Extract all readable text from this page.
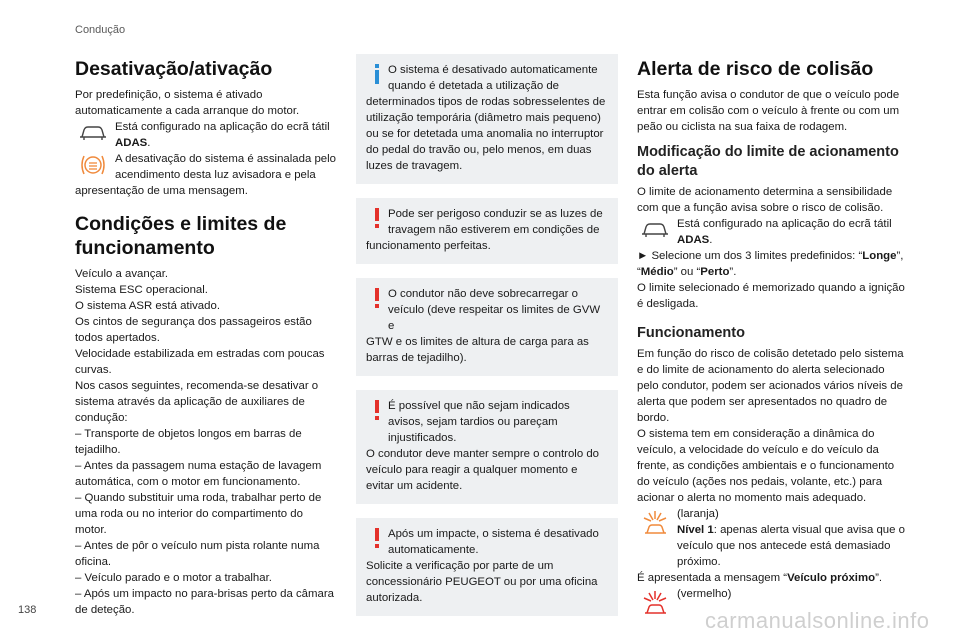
Condução
Desativação/ativação

Por predefinição, o sistema é ativado automaticamente a cada arranque do motor.

Está configurado na aplicação do ecrã tátil ADAS.

A desativação do sistema é assinalada pelo acendimento desta luz avisadora e pela

apresentação de uma mensagem.

Condições e limites de funcionamento

Veículo a avançar.

Sistema ESC operacional.

O sistema ASR está ativado.

Os cintos de segurança dos passageiros estão todos apertados.

Velocidade estabilizada em estradas com poucas curvas.

Nos casos seguintes, recomenda-se desativar o sistema através da aplicação de auxiliares de condução:

– Transporte de objetos longos em barras de tejadilho.

– Antes da passagem numa estação de lavagem automática, com o motor em funcionamento.

– Quando substituir uma roda, trabalhar perto de uma roda ou no interior do compartimento do motor.

– Antes de pôr o veículo num pista rolante numa oficina.

– Veículo parado e o motor a trabalhar.

– Após um impacto no para-brisas perto da câmara de deteção.

O sistema é desativado automaticamente quando é detetada a utilização de
determinados tipos de rodas sobresselentes de utilização temporária (diâmetro mais pequeno) ou se for detetada uma anomalia no interruptor do pedal do travão ou, pelo menos, em duas luzes de travagem.
Pode ser perigoso conduzir se as luzes de travagem não estiverem em condições de
funcionamento perfeitas.
O condutor não deve sobrecarregar o veículo (deve respeitar os limites de GVW e
GTW e os limites de altura de carga para as barras de tejadilho).
É possível que não sejam indicados avisos, sejam tardios ou pareçam injustificados.
O condutor deve manter sempre o controlo do veículo para reagir a qualquer momento e evitar um acidente.
Após um impacte, o sistema é desativado automaticamente.
Solicite a verificação por parte de um concessionário PEUGEOT ou por uma oficina autorizada.
Alerta de risco de colisão

Esta função avisa o condutor de que o veículo pode entrar em colisão com o veículo à frente ou com um peão ou ciclista na sua faixa de rodagem.

Modificação do limite de acionamento do alerta

O limite de acionamento determina a sensibilidade com que a função avisa sobre o risco de colisão.

Está configurado na aplicação do ecrã tátil ADAS.

► Selecione um dos 3 limites predefinidos: “Longe”, “Médio” ou “Perto”.

O limite selecionado é memorizado quando a ignição é desligada.

Funcionamento

Em função do risco de colisão detetado pelo sistema e do limite de acionamento do alerta selecionado pelo condutor, podem ser acionados vários níveis de alerta que podem ser apresentados no quadro de bordo.

O sistema tem em consideração a dinâmica do veículo, a velocidade do veículo e do veículo da frente, as condições ambientais e o funcionamento do veículo (ações nos pedais, volante, etc.) para acionar o alerta no momento mais adequado.

(laranja)

Nível 1: apenas alerta visual que avisa que o veículo que nos antecede está demasiado próximo.

É apresentada a mensagem “Veículo próximo”.

(vermelho)

138	carmanualsonline.info
